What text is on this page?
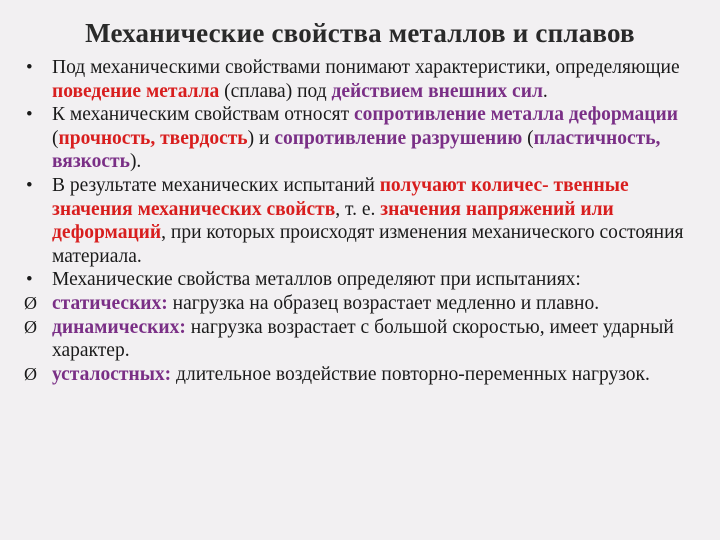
Механические свойства металлов и сплавов

• Под механическими свойствами понимают характеристики, определяющие поведение металла (сплава) под действием внешних сил.

• К механическим свойствам относят сопротивление металла деформации (прочность, твердость) и сопротивление разрушению (пластичность, вязкость).

• В результате механических испытаний получают количес- твенные значения механических свойств, т. е. значения напряжений или деформаций, при которых происходят изменения механического состояния материала.

• Механические свойства металлов определяют при испытаниях:

Ø статических: нагрузка на образец возрастает медленно и плавно.

Ø динамических: нагрузка возрастает с большой скоростью, имеет ударный характер.

Ø усталостных: длительное воздействие повторно-переменных нагрузок.
